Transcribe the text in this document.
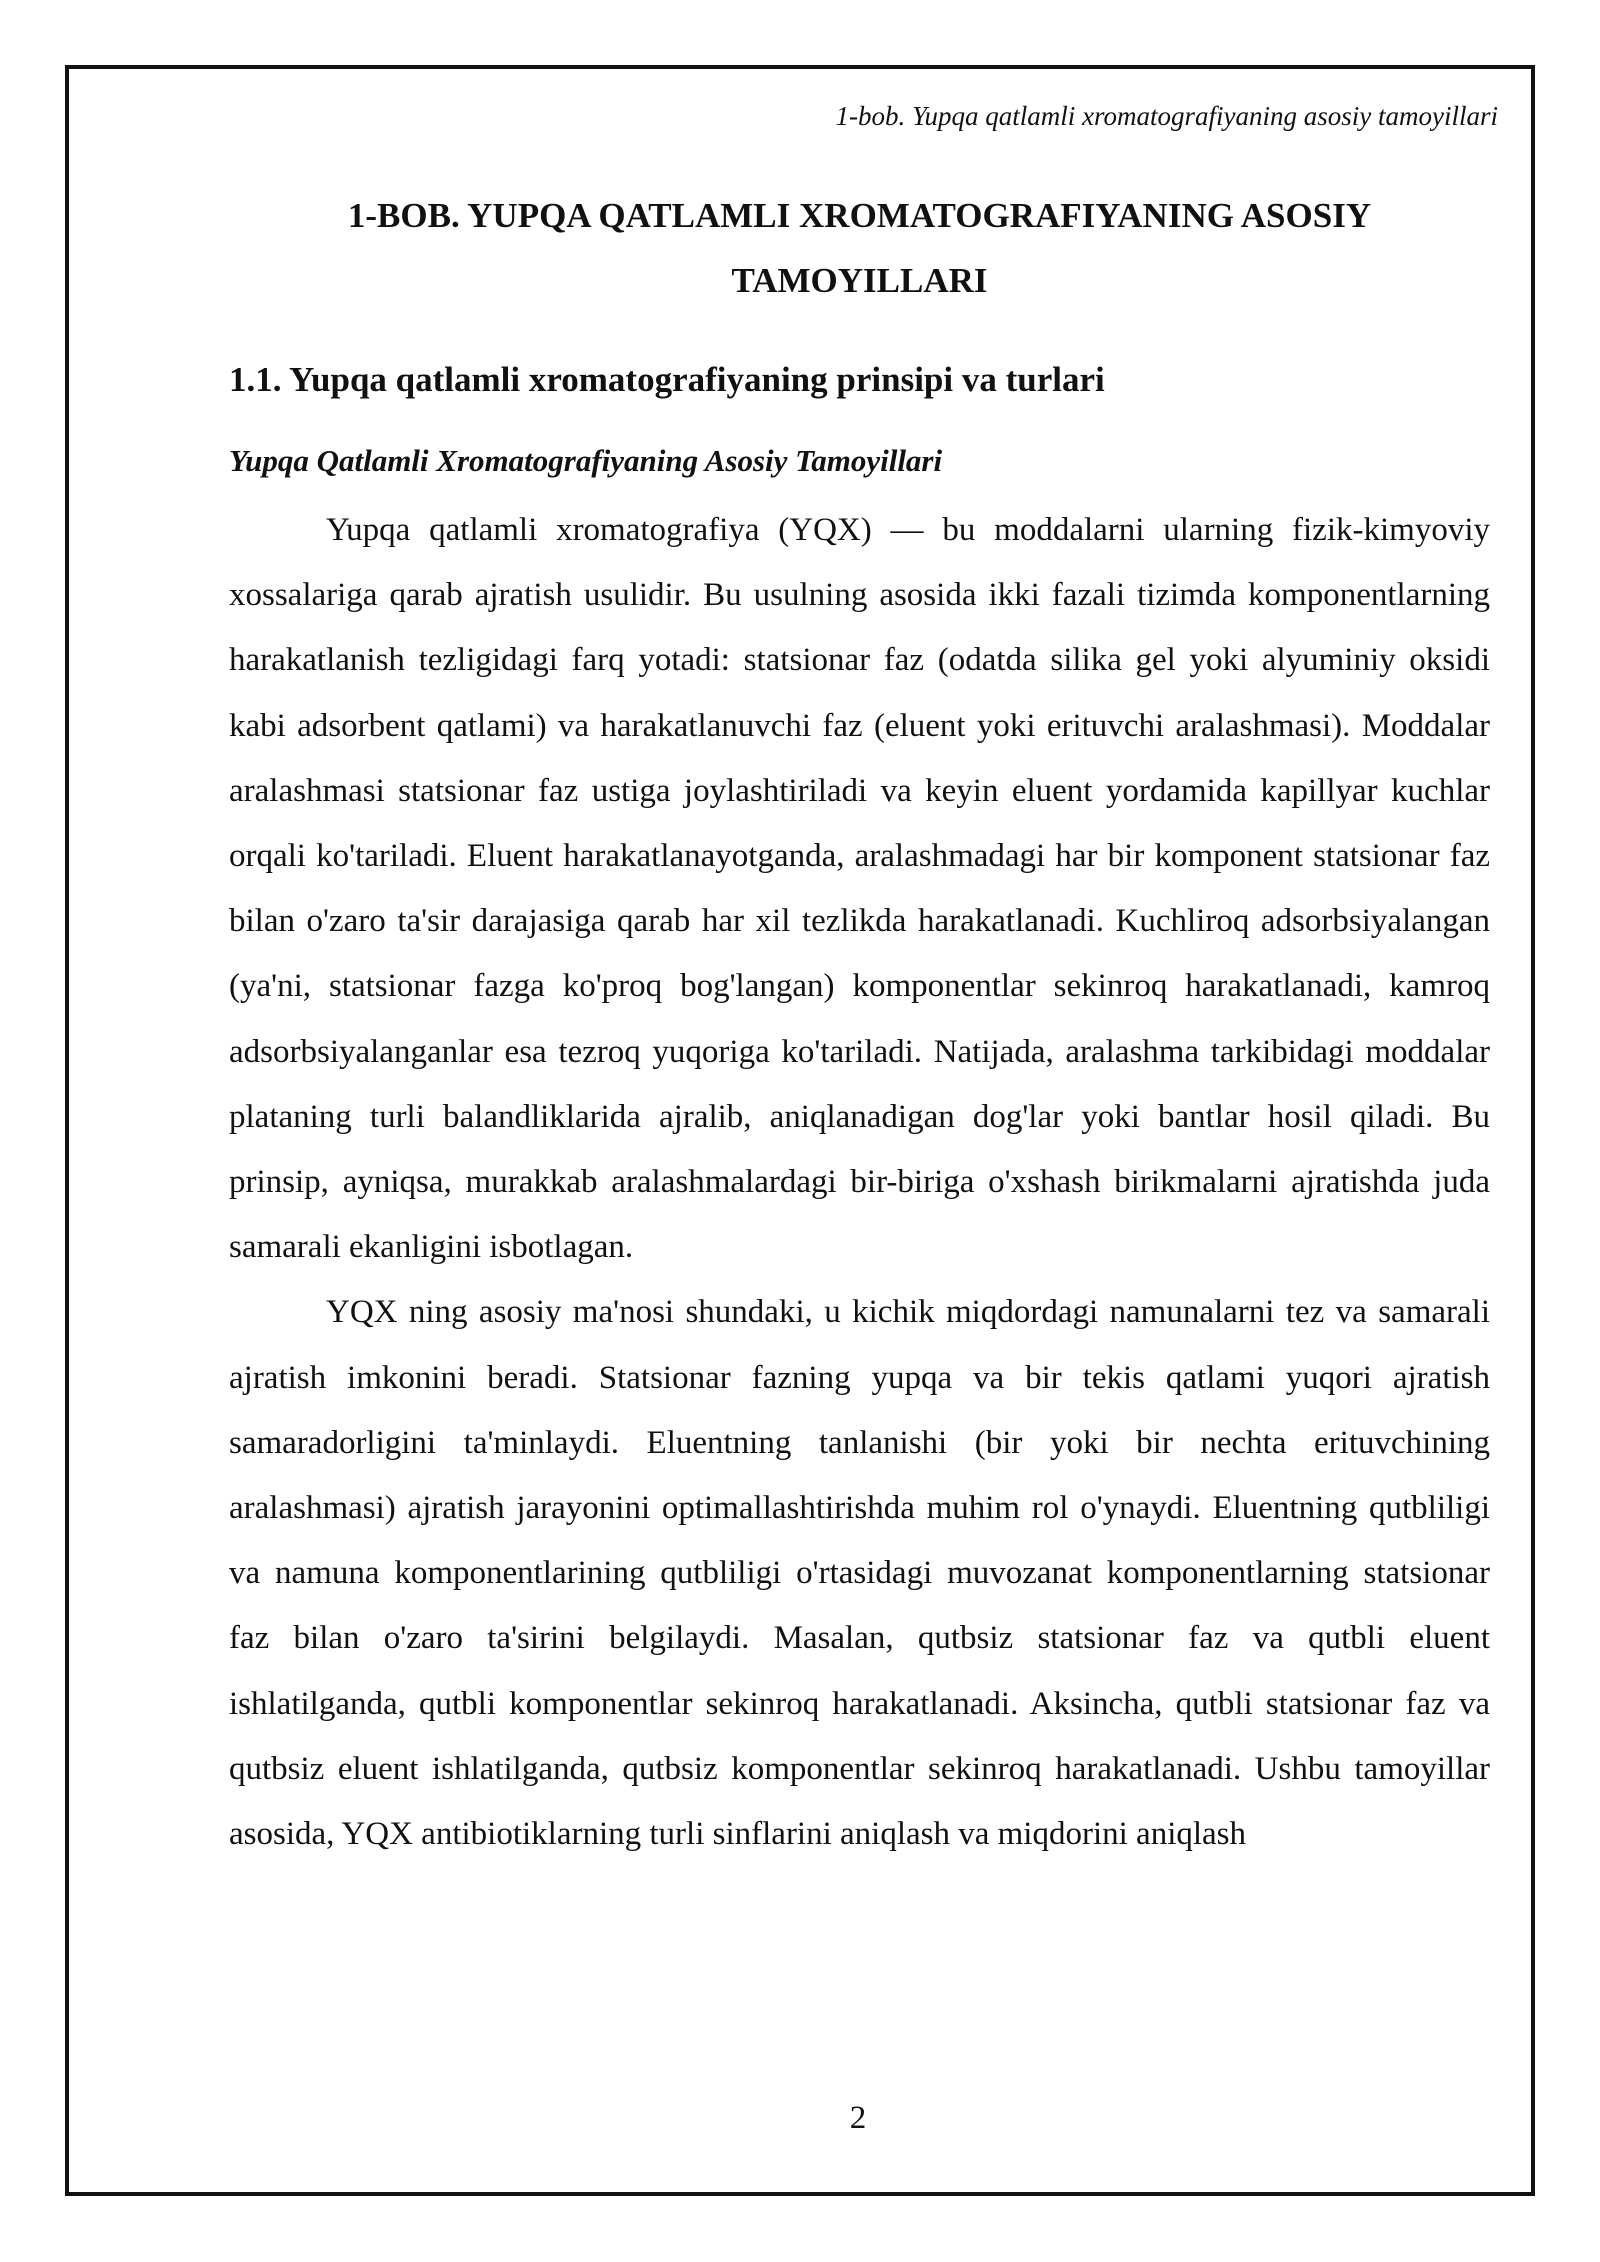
1-bob. Yupqa qatlamli xromatografiyaning asosiy tamoyillari
1-BOB. YUPQA QATLAMLI XROMATOGRAFIYANING ASOSIY
TAMOYILLARI
1.1. Yupqa qatlamli xromatografiyaning prinsipi va turlari
Yupqa Qatlamli Xromatografiyaning Asosiy Tamoyillari

Yupqa qatlamli xromatografiya (YQX) — bu moddalarni ularning fizik-kimyoviy xossalariga qarab ajratish usulidir. Bu usulning asosida ikki fazali tizimda komponentlarning harakatlanish tezligidagi farq yotadi: statsionar faz (odatda silika gel yoki alyuminiy oksidi kabi adsorbent qatlami) va harakatlanuvchi faz (eluent yoki erituvchi aralashmasi). Moddalar aralashmasi statsionar faz ustiga joylashtiriladi va keyin eluent yordamida kapillyar kuchlar orqali ko'tariladi. Eluent harakatlanayotganda, aralashmadagi har bir komponent statsionar faz bilan o'zaro ta'sir darajasiga qarab har xil tezlikda harakatlanadi. Kuchliroq adsorbsiyalangan (ya'ni, statsionar fazga ko'proq bog'langan) komponentlar sekinroq harakatlanadi, kamroq adsorbsiyalanganlar esa tezroq yuqoriga ko'tariladi. Natijada, aralashma tarkibidagi moddalar plataning turli balandliklarida ajralib, aniqlanadigan dog'lar yoki bantlar hosil qiladi. Bu prinsip, ayniqsa, murakkab aralashmalardagi bir-biriga o'xshash birikmalarni ajratishda juda samarali ekanligini isbotlagan.

YQX ning asosiy ma'nosi shundaki, u kichik miqdordagi namunalarni tez va samarali ajratish imkonini beradi. Statsionar fazning yupqa va bir tekis qatlami yuqori ajratish samaradorligini ta'minlaydi. Eluentning tanlanishi (bir yoki bir nechta erituvchining aralashmasi) ajratish jarayonini optimallashtirishda muhim rol o'ynaydi. Eluentning qutbliligi va namuna komponentlarining qutbliligi o'rtasidagi muvozanat komponentlarning statsionar faz bilan o'zaro ta'sirini belgilaydi. Masalan, qutbsiz statsionar faz va qutbli eluent ishlatilganda, qutbli komponentlar sekinroq harakatlanadi. Aksincha, qutbli statsionar faz va qutbsiz eluent ishlatilganda, qutbsiz komponentlar sekinroq harakatlanadi. Ushbu tamoyillar asosida, YQX antibiotiklarning turli sinflarini aniqlash va miqdorini aniqlash

2
